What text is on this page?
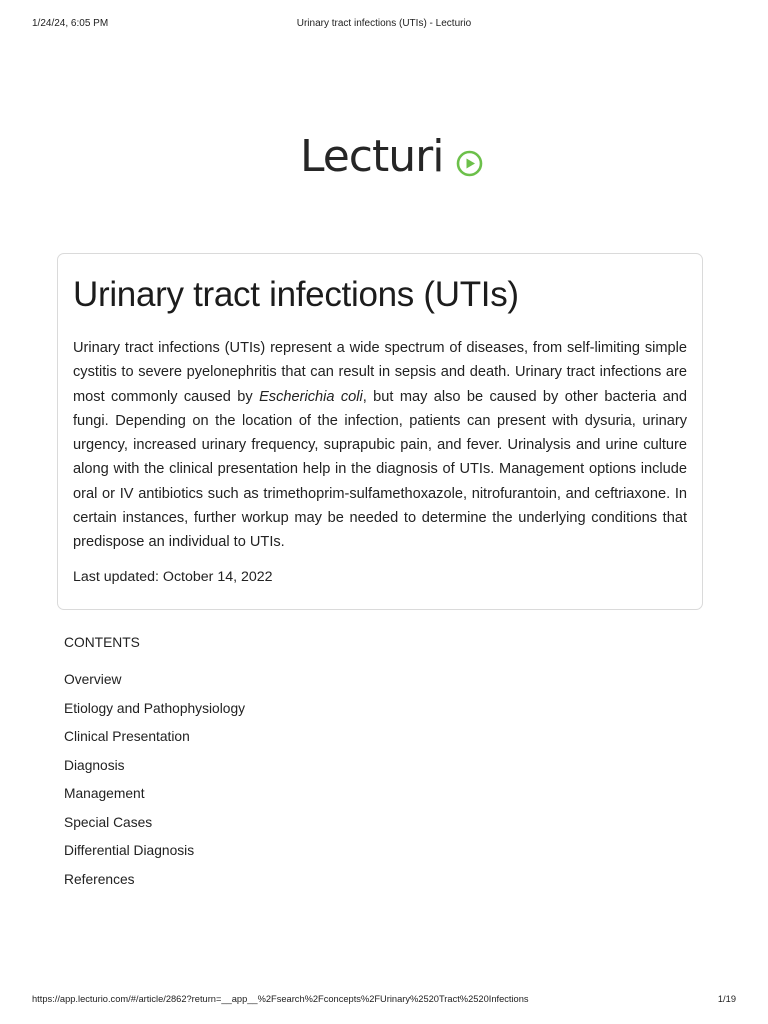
1/24/24, 6:05 PM	Urinary tract infections (UTIs) - Lecturio
Lecturi
Urinary tract infections (UTIs)

Urinary tract infections (UTIs) represent a wide spectrum of diseases, from self-limiting simple cystitis to severe pyelonephritis that can result in sepsis and death. Urinary tract infections are most commonly caused by Escherichia coli, but may also be caused by other bacteria and fungi. Depending on the location of the infection, patients can present with dysuria, urinary urgency, increased urinary frequency, suprapubic pain, and fever. Urinalysis and urine culture along with the clinical presentation help in the diagnosis of UTIs. Management options include oral or IV antibiotics such as trimethoprim-sulfamethoxazole, nitrofurantoin, and ceftriaxone. In certain instances, further workup may be needed to determine the underlying conditions that predispose an individual to UTIs.

Last updated: October 14, 2022

CONTENTS
Overview
Etiology and Pathophysiology
Clinical Presentation
Diagnosis
Management
Special Cases
Differential Diagnosis
References
https://app.lecturio.com/#/article/2862?return=__app__%2Fsearch%2Fconcepts%2FUrinary%2520Tract%2520Infections	1/19
